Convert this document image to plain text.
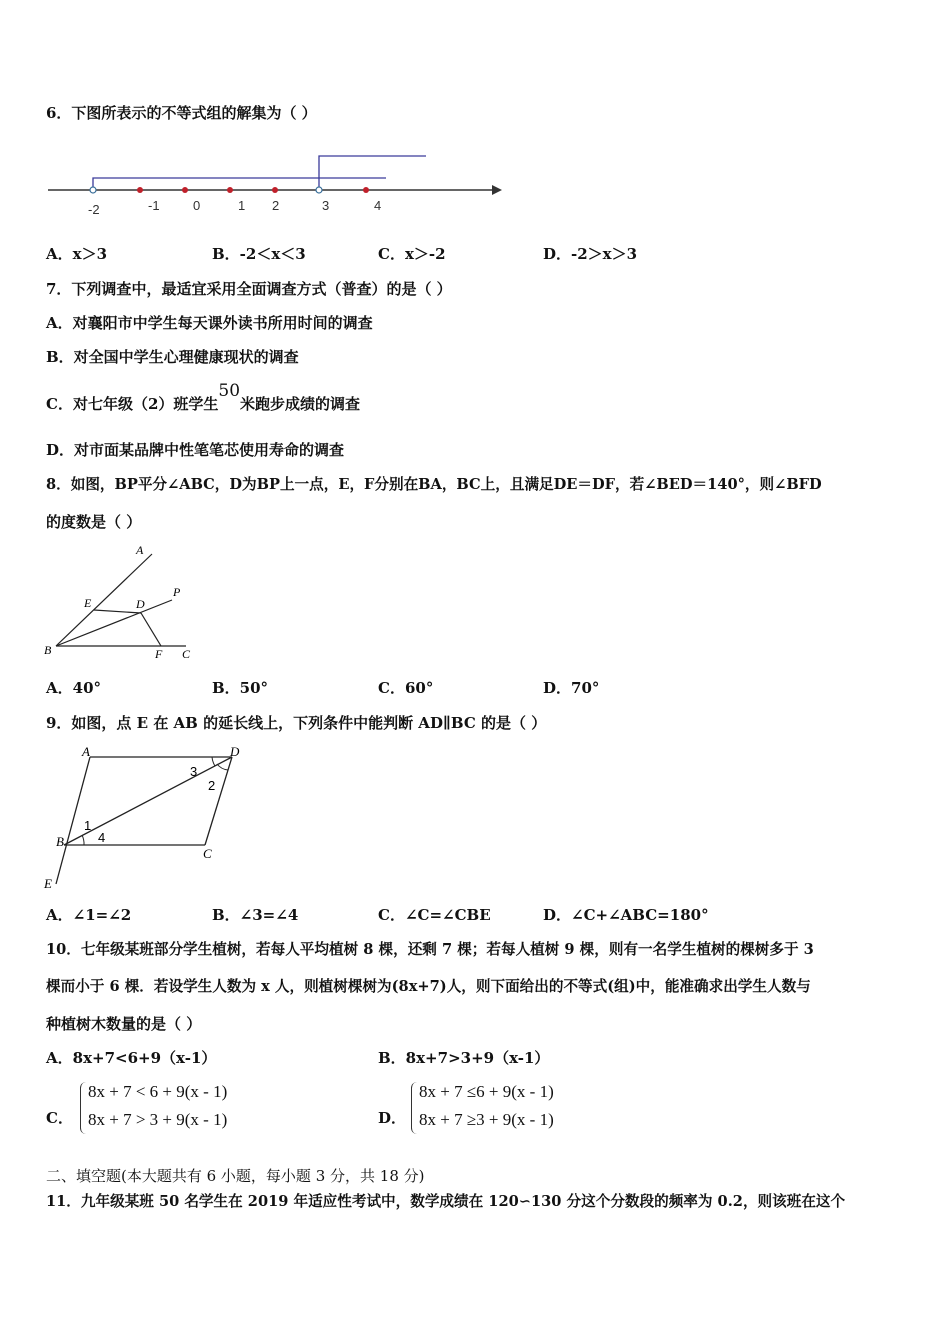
6．下图所表示的不等式组的解集为（ ）
-2	-1	0	1 2	3	4
A．x＞3	B．-2＜x＜3	C．x＞-2	D．-2＞x＞3
7．下列调查中，最适宜采用全面调查方式（普查）的是（ ）
A．对襄阳市中学生每天课外读书所用时间的调查
B．对全国中学生心理健康现状的调查
C．对七年级（2）班学生50米跑步成绩的调查
D．对市面某品牌中性笔笔芯使用寿命的调查
8．如图，BP平分∠ABC，D为BP上一点，E，F分别在BA，BC上，且满足DE＝DF，若∠BED＝140°，则∠BFD
的度数是（ ）
A
P
E	D
B	F C
A．40°	B．50°	C．60°	D．70°
9．如图，点 E 在 AB 的延长线上，下列条件中能判断 AD∥BC 的是（ ）
A	D
B
C
E
1
2
3
4
A．∠1=∠2	B．∠3=∠4	C．∠C=∠CBE	D．∠C+∠ABC=180°
10．七年级某班部分学生植树，若每人平均植树 8 棵，还剩 7 棵；若每人植树 9 棵，则有一名学生植树的棵树多于 3
棵而小于 6 棵．若设学生人数为 x 人，则植树棵树为(8x+7)人，则下面给出的不等式(组)中，能准确求出学生人数与
种植树木数量的是（ ）
A．8x+7<6+9（x-1）	B．8x+7>3+9（x-1）
C．
8x + 7 < 6 + 9(x - 1)
8x + 7 > 3 + 9(x - 1)	D．
8x + 7 ≤6 + 9(x - 1)
8x + 7 ≥3 + 9(x - 1)
二、填空题(本大题共有 6 小题，每小题 3 分，共 18 分)
11．九年级某班 50 名学生在 2019 年适应性考试中，数学成绩在 120∽130 分这个分数段的频率为 0.2，则该班在这个
